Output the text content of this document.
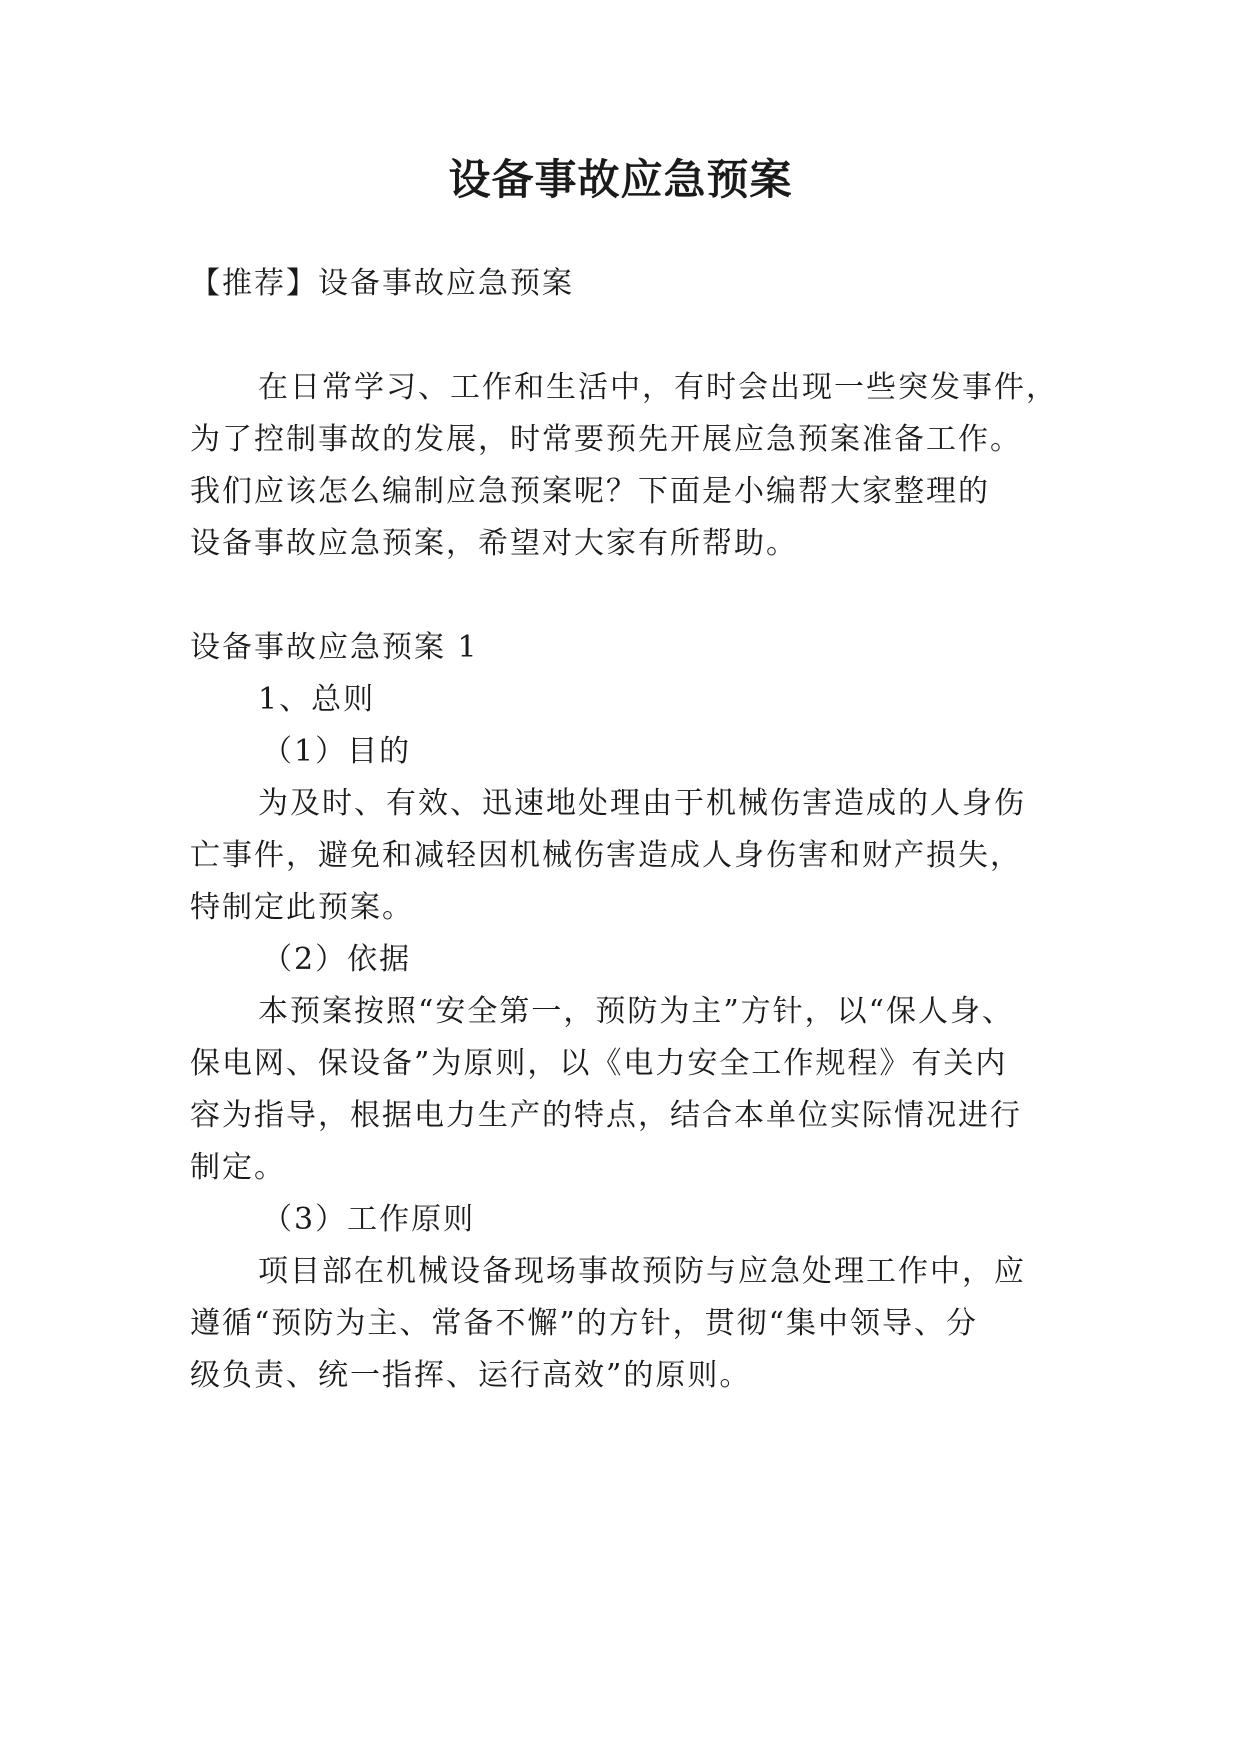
设备事故应急预案
【推荐】设备事故应急预案
在日常学习、工作和生活中，有时会出现一些突发事件，
为了控制事故的发展，时常要预先开展应急预案准备工作。
我们应该怎么编制应急预案呢？下面是小编帮大家整理的
设备事故应急预案，希望对大家有所帮助。
设备事故应急预案 1
1、总则
（1）目的
为及时、有效、迅速地处理由于机械伤害造成的人身伤
亡事件，避免和减轻因机械伤害造成人身伤害和财产损失，
特制定此预案。
（2）依据
本预案按照“安全第一，预防为主”方针，以“保人身、
保电网、保设备”为原则，以《电力安全工作规程》有关内
容为指导，根据电力生产的特点，结合本单位实际情况进行
制定。
（3）工作原则
项目部在机械设备现场事故预防与应急处理工作中，应
遵循“预防为主、常备不懈”的方针，贯彻“集中领导、分
级负责、统一指挥、运行高效”的原则。
